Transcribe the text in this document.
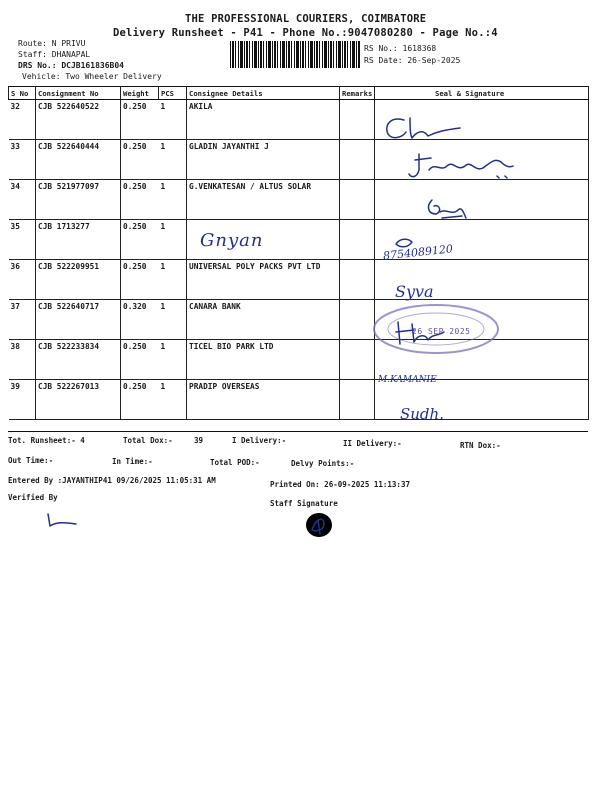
THE PROFESSIONAL COURIERS, COIMBATORE
Delivery Runsheet - P41 - Phone No.:9047080280 - Page No.:4
Route: N PRIVU
Staff: DHANAPAL
DRS No.: DCJB161836B04
Vehicle: Two Wheeler Delivery
RS No.: 1618368
RS Date: 26-Sep-2025
S No	Consignment No	Weight	PCS	Consignee Details	Remarks	Seal & Signature
32	CJB 522640522	0.250	1	AKILA		
33	CJB 522640444	0.250	1	GLADIN JAYANTHI J		
34	CJB 521977097	0.250	1	G.VENKATESAN / ALTUS SOLAR		
35	CJB 1713277	0.250	1			
36	CJB 522209951	0.250	1	UNIVERSAL POLY PACKS PVT LTD		
37	CJB 522640717	0.320	1	CANARA BANK		
38	CJB 522233834	0.250	1	TICEL BIO PARK LTD		
39	CJB 522267013	0.250	1	PRADIP OVERSEAS		
Gnyan
8754089120
Syva
26 SEP 2025
M.KAMANIE
Sudh.
Tot. Runsheet:- 4	Total Dox:-	39	I Delivery:-	II Delivery:-	RTN Dox:-
Out Time:-	In Time:-	Total POD:-	Delvy Points:-
Entered By :JAYANTHIP41 09/26/2025 11:05:31 AM	Printed On: 26-09-2025 11:13:37
Verified By
Staff Signature
